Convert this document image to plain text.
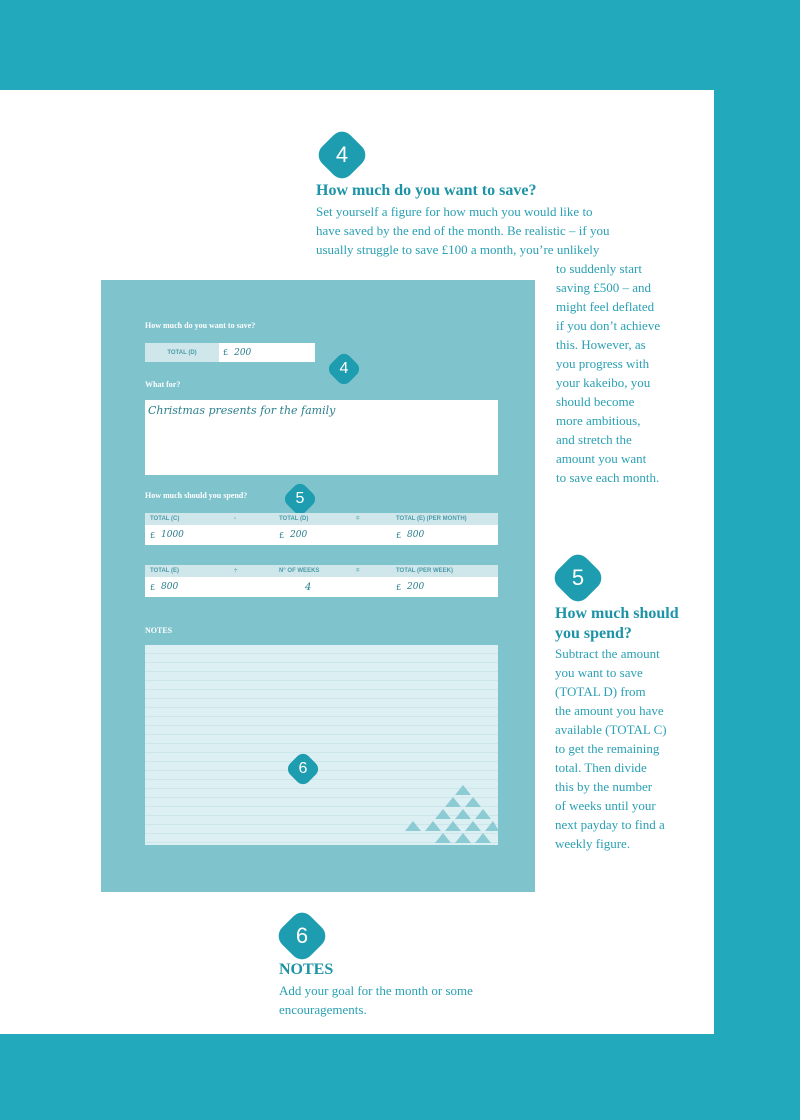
4
How much do you want to save?
Set yourself a figure for how much you would like to
have saved by the end of the month. Be realistic – if you
usually struggle to save £100 a month, you’re unlikely
to suddenly start
saving £500 – and
might feel deflated
if you don’t achieve
this. However, as
you progress with
your kakeibo, you
should become
more ambitious,
and stretch the
amount you want
to save each month.
5
How much should
you spend?
Subtract the amount
you want to save
(TOTAL D) from
the amount you have
available (TOTAL C)
to get the remaining
total. Then divide
this by the number
of weeks until your
next payday to find a
weekly figure.
6
NOTES
Add your goal for the month or some
encouragements.
How much do you want to save?
TOTAL (D)	£ 200
4
What for?
Christmas presents for the family
How much should you spend?	5
TOTAL (C)	-	TOTAL (D)	=	TOTAL (E) (PER MONTH)
£ 1000	£ 200	£ 800
TOTAL (E)	÷	N° OF WEEKS	=	TOTAL (PER WEEK)
£ 800	4	£ 200
NOTES
6
